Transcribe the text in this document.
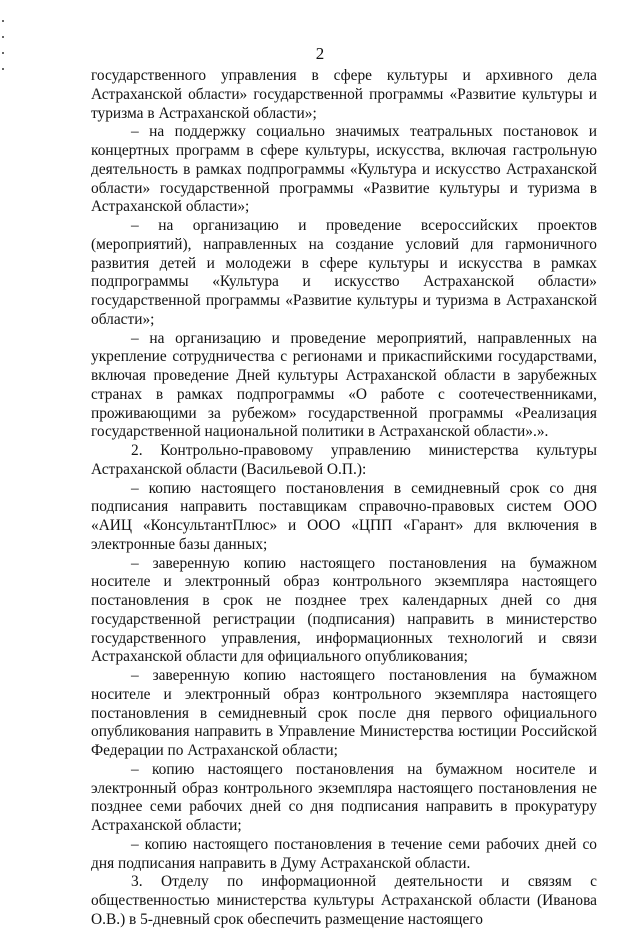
2

государственного управления в сфере культуры и архивного дела Астраханской области» государственной программы «Развитие культуры и туризма в Астраханской области»;

– на поддержку социально значимых театральных постановок и концертных программ в сфере культуры, искусства, включая гастрольную деятельность в рамках подпрограммы «Культура и искусство Астраханской области» государственной программы «Развитие культуры и туризма в Астраханской области»;

– на организацию и проведение всероссийских проектов (мероприятий), направленных на создание условий для гармоничного развития детей и молодежи в сфере культуры и искусства в рамках подпрограммы «Культура и искусство Астраханской области» государственной программы «Развитие культуры и туризма в Астраханской области»;

– на организацию и проведение мероприятий, направленных на укрепление сотрудничества с регионами и прикаспийскими государствами, включая проведение Дней культуры Астраханской области в зарубежных странах в рамках подпрограммы «О работе с соотечественниками, проживающими за рубежом» государственной программы «Реализация государственной национальной политики в Астраханской области».».

2. Контрольно-правовому управлению министерства культуры Астраханской области (Васильевой О.П.):

– копию настоящего постановления в семидневный срок со дня подписания направить поставщикам справочно-правовых систем ООО «АИЦ «КонсультантПлюс» и ООО «ЦПП «Гарант» для включения в электронные базы данных;

– заверенную копию настоящего постановления на бумажном носителе и электронный образ контрольного экземпляра настоящего постановления в срок не позднее трех календарных дней со дня государственной регистрации (подписания) направить в министерство государственного управления, информационных технологий и связи Астраханской области для официального опубликования;

– заверенную копию настоящего постановления на бумажном носителе и электронный образ контрольного экземпляра настоящего постановления в семидневный срок после дня первого официального опубликования направить в Управление Министерства юстиции Российской Федерации по Астраханской области;

– копию настоящего постановления на бумажном носителе и электронный образ контрольного экземпляра настоящего постановления не позднее семи рабочих дней со дня подписания направить в прокуратуру Астраханской области;

– копию настоящего постановления в течение семи рабочих дней со дня подписания направить в Думу Астраханской области.

3. Отделу по информационной деятельности и связям с общественностью министерства культуры Астраханской области (Иванова О.В.) в 5-дневный срок обеспечить размещение настоящего
